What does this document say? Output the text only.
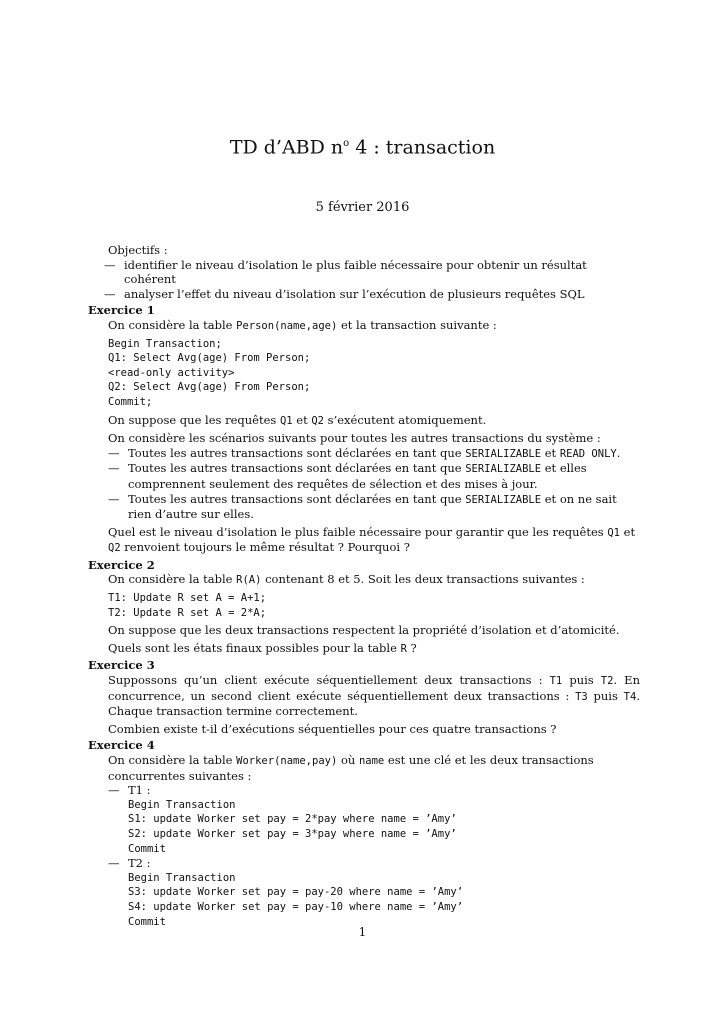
TD d’ABD $n^o$ 4 : transaction
5 février 2016
Objectifs :
— identifier le niveau d’isolation le plus faible nécessaire pour obtenir un résultat cohérent
— analyser l’effet du niveau d’isolation sur l’exécution de plusieurs requêtes SQL
Exercice 1
On considère la table Person(name,age) et la transaction suivante :
Begin Transaction;
Q1: Select Avg(age) From Person;
<read-only activity>
Q2: Select Avg(age) From Person;
Commit;
On suppose que les requêtes Q1 et Q2 s’exécutent atomiquement.
On considère les scénarios suivants pour toutes les autres transactions du système :
— Toutes les autres transactions sont déclarées en tant que SERIALIZABLE et READ ONLY.
— Toutes les autres transactions sont déclarées en tant que SERIALIZABLE et elles comprennent seulement des requêtes de sélection et des mises à jour.
— Toutes les autres transactions sont déclarées en tant que SERIALIZABLE et on ne sait rien d’autre sur elles.
Quel est le niveau d’isolation le plus faible nécessaire pour garantir que les requêtes Q1 et Q2 renvoient toujours le même résultat ? Pourquoi ?
Exercice 2
On considère la table R(A) contenant 8 et 5. Soit les deux transactions suivantes :
T1: Update R set A = A+1;
T2: Update R set A = 2*A;
On suppose que les deux transactions respectent la propriété d’isolation et d’atomicité.
Quels sont les états finaux possibles pour la table R ?
Exercice 3
Suppossons qu’un client exécute séquentiellement deux transactions : T1 puis T2. En concurrence, un second client exécute séquentiellement deux transactions : T3 puis T4. Chaque transaction termine correctement.
Combien existe t-il d’exécutions séquentielles pour ces quatre transactions ?
Exercice 4
On considère la table Worker(name,pay) où name est une clé et les deux transactions concurrentes suivantes :
— T1 :
Begin Transaction
S1: update Worker set pay = 2*pay where name = ’Amy’
S2: update Worker set pay = 3*pay where name = ’Amy’
Commit
— T2 :
Begin Transaction
S3: update Worker set pay = pay-20 where name = ’Amy’
S4: update Worker set pay = pay-10 where name = ’Amy’
Commit
1
